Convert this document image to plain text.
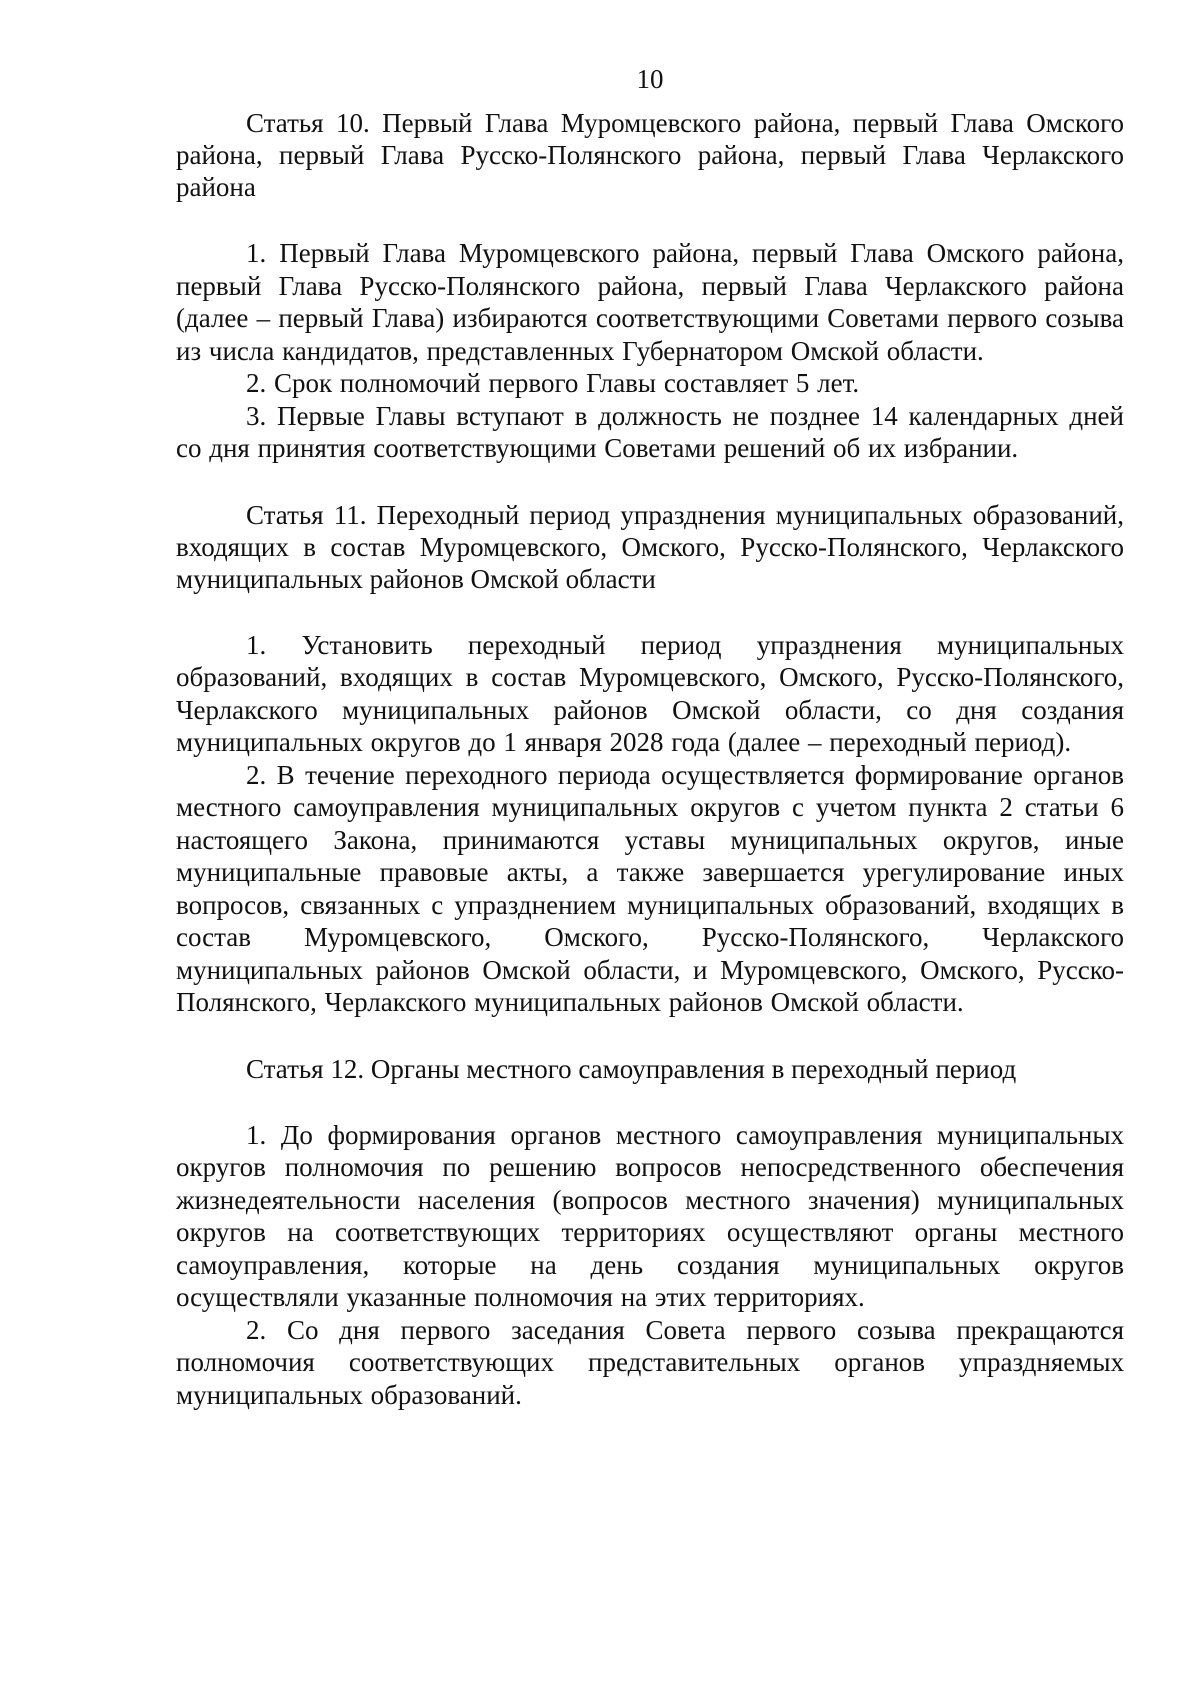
10

Статья 10. Первый Глава Муромцевского района, первый Глава Омского района, первый Глава Русско-Полянского района, первый Глава Черлакского района

1. Первый Глава Муромцевского района, первый Глава Омского района, первый Глава Русско-Полянского района, первый Глава Черлакского района (далее – первый Глава) избираются соответствующими Советами первого созыва из числа кандидатов, представленных Губернатором Омской области.

2. Срок полномочий первого Главы составляет 5 лет.

3. Первые Главы вступают в должность не позднее 14 календарных дней со дня принятия соответствующими Советами решений об их избрании.

Статья 11. Переходный период упразднения муниципальных образований, входящих в состав Муромцевского, Омского, Русско-Полянского, Черлакского муниципальных районов Омской области

1. Установить переходный период упразднения муниципальных образований, входящих в состав Муромцевского, Омского, Русско-Полянского, Черлакского муниципальных районов Омской области, со дня создания муниципальных округов до 1 января 2028 года (далее – переходный период).

2. В течение переходного периода осуществляется формирование органов местного самоуправления муниципальных округов с учетом пункта 2 статьи 6 настоящего Закона, принимаются уставы муниципальных округов, иные муниципальные правовые акты, а также завершается урегулирование иных вопросов, связанных с упразднением муниципальных образований, входящих в состав Муромцевского, Омского, Русско-Полянского, Черлакского муниципальных районов Омской области, и Муромцевского, Омского, Русско-Полянского, Черлакского муниципальных районов Омской области.

Статья 12. Органы местного самоуправления в переходный период

1. До формирования органов местного самоуправления муниципальных округов полномочия по решению вопросов непосредственного обеспечения жизнедеятельности населения (вопросов местного значения) муниципальных округов на соответствующих территориях осуществляют органы местного самоуправления, которые на день создания муниципальных округов осуществляли указанные полномочия на этих территориях.

2. Со дня первого заседания Совета первого созыва прекращаются полномочия соответствующих представительных органов упраздняемых муниципальных образований.
